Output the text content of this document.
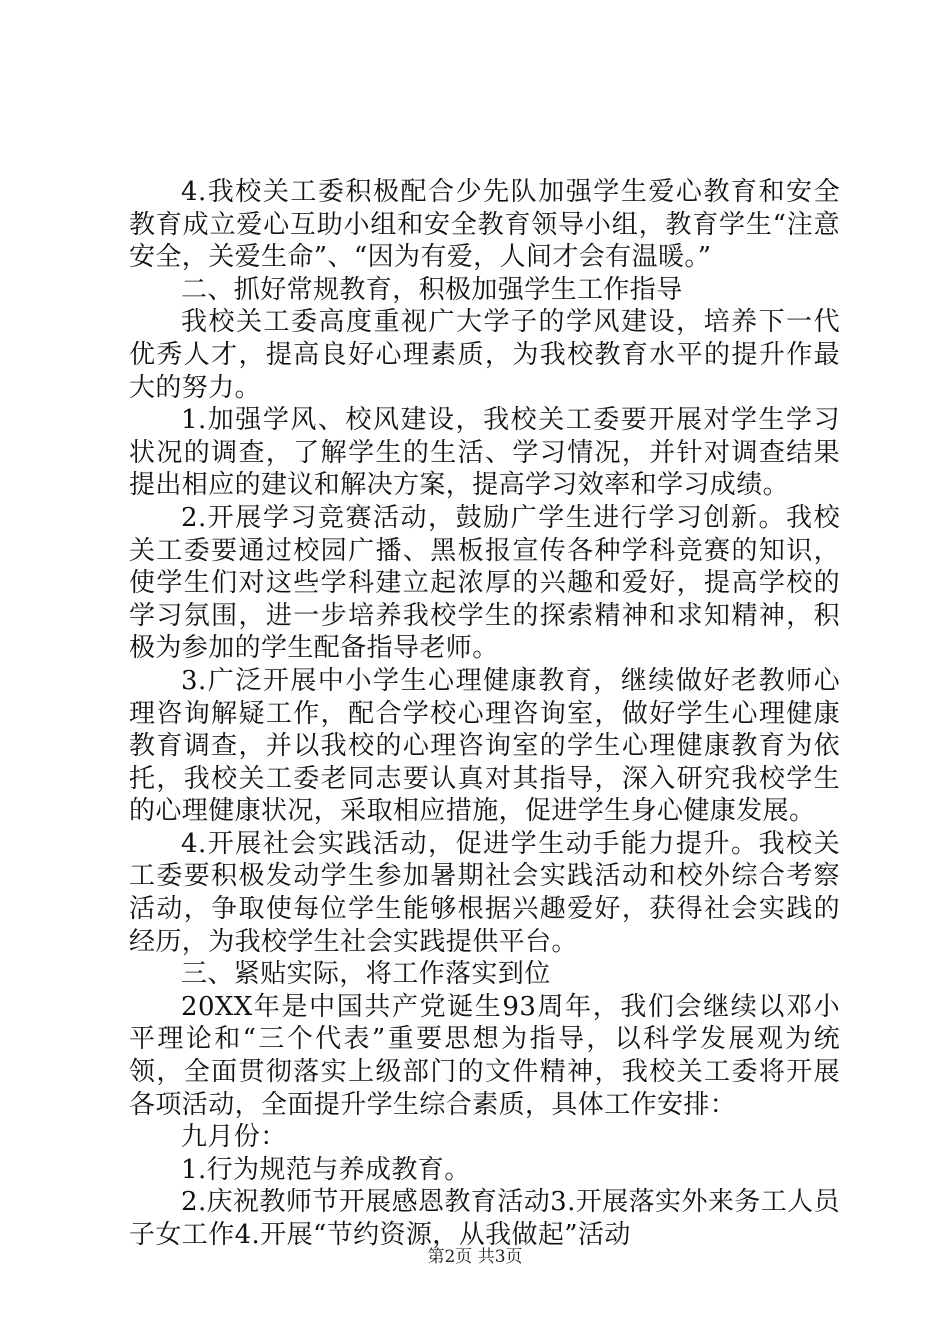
4.我校关工委积极配合少先队加强学生爱心教育和安全教育成立爱心互助小组和安全教育领导小组，教育学生“注意安全，关爱生命”、“因为有爱，人间才会有温暖。”

二、抓好常规教育，积极加强学生工作指导

我校关工委高度重视广大学子的学风建设，培养下一代优秀人才，提高良好心理素质，为我校教育水平的提升作最大的努力。

1.加强学风、校风建设，我校关工委要开展对学生学习状况的调查，了解学生的生活、学习情况，并针对调查结果提出相应的建议和解决方案，提高学习效率和学习成绩。

2.开展学习竞赛活动，鼓励广学生进行学习创新。我校关工委要通过校园广播、黑板报宣传各种学科竞赛的知识，使学生们对这些学科建立起浓厚的兴趣和爱好，提高学校的学习氛围，进一步培养我校学生的探索精神和求知精神，积极为参加的学生配备指导老师。

3.广泛开展中小学生心理健康教育，继续做好老教师心理咨询解疑工作，配合学校心理咨询室，做好学生心理健康教育调查，并以我校的心理咨询室的学生心理健康教育为依托，我校关工委老同志要认真对其指导，深入研究我校学生的心理健康状况，采取相应措施，促进学生身心健康发展。

4.开展社会实践活动，促进学生动手能力提升。我校关工委要积极发动学生参加暑期社会实践活动和校外综合考察活动，争取使每位学生能够根据兴趣爱好，获得社会实践的经历，为我校学生社会实践提供平台。

三、紧贴实际，将工作落实到位

20XX年是中国共产党诞生93周年，我们会继续以邓小平理论和“三个代表”重要思想为指导，以科学发展观为统领，全面贯彻落实上级部门的文件精神，我校关工委将开展各项活动，全面提升学生综合素质，具体工作安排：

九月份：

1.行为规范与养成教育。

2.庆祝教师节开展感恩教育活动3.开展落实外来务工人员子女工作4.开展“节约资源，从我做起”活动

第2页 共3页
